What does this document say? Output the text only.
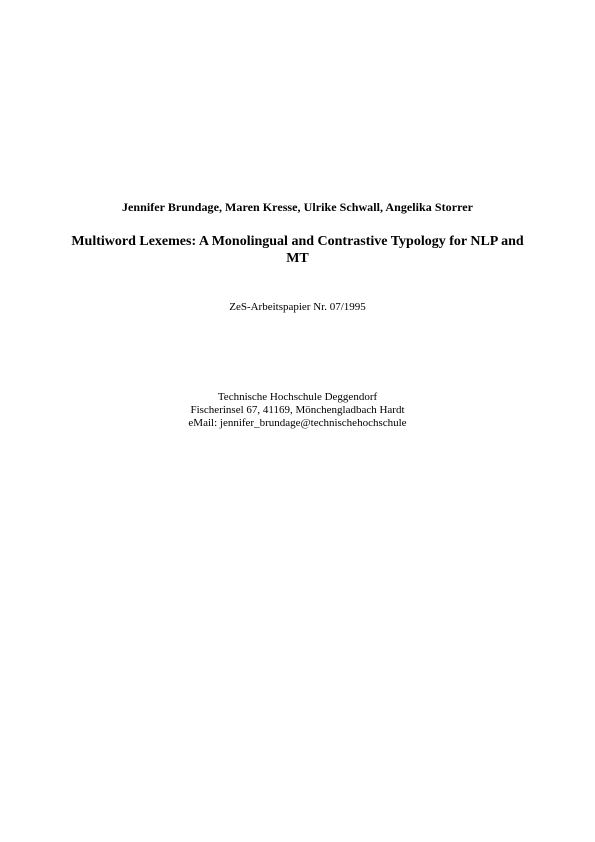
Jennifer Brundage, Maren Kresse, Ulrike Schwall, Angelika Storrer
Multiword Lexemes: A Monolingual and Contrastive Typology for NLP and MT
ZeS-Arbeitspapier Nr. 07/1995
Technische Hochschule Deggendorf
Fischerinsel 67, 41169, Mönchengladbach Hardt
eMail: jennifer_brundage@technischehochschule
